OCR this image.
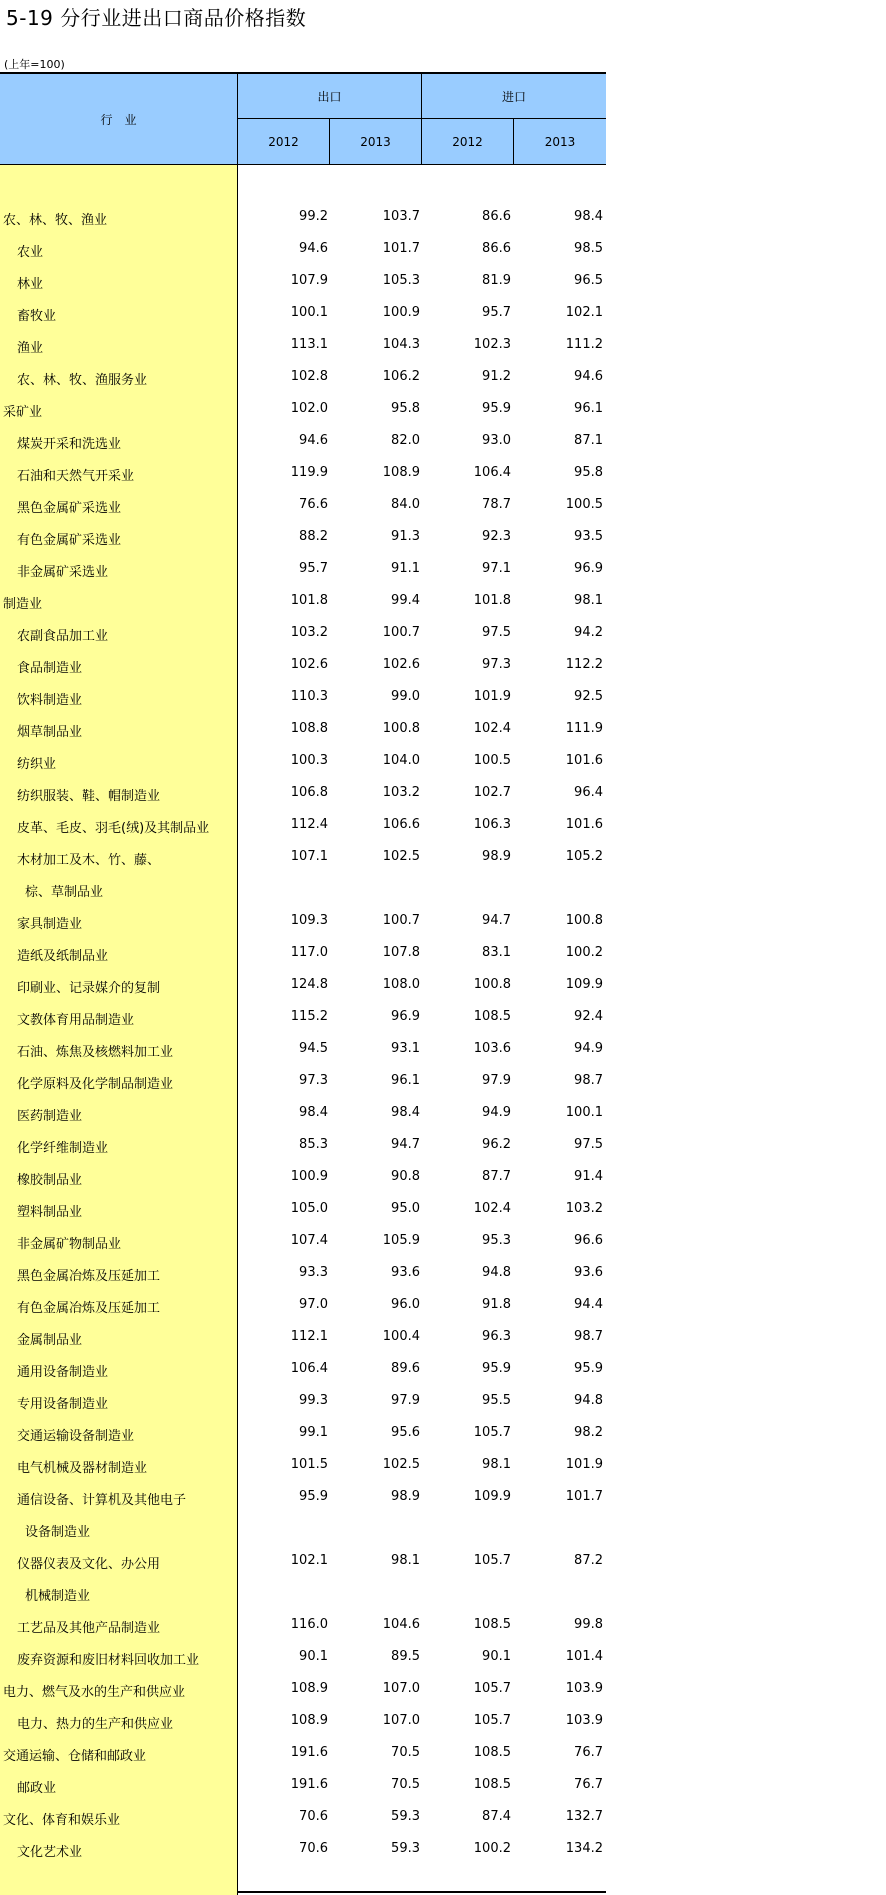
5-19 分行业进出口商品价格指数
(上年=100)
行　业
出口	进口
2012	2013	2012	2013
农、林、牧、渔业	99.2	103.7	86.6	98.4
农业	94.6	101.7	86.6	98.5
林业	107.9	105.3	81.9	96.5
畜牧业	100.1	100.9	95.7	102.1
渔业	113.1	104.3	102.3	111.2
农、林、牧、渔服务业	102.8	106.2	91.2	94.6
采矿业	102.0	95.8	95.9	96.1
煤炭开采和洗选业	94.6	82.0	93.0	87.1
石油和天然气开采业	119.9	108.9	106.4	95.8
黑色金属矿采选业	76.6	84.0	78.7	100.5
有色金属矿采选业	88.2	91.3	92.3	93.5
非金属矿采选业	95.7	91.1	97.1	96.9
制造业	101.8	99.4	101.8	98.1
农副食品加工业	103.2	100.7	97.5	94.2
食品制造业	102.6	102.6	97.3	112.2
饮料制造业	110.3	99.0	101.9	92.5
烟草制品业	108.8	100.8	102.4	111.9
纺织业	100.3	104.0	100.5	101.6
纺织服装、鞋、帽制造业	106.8	103.2	102.7	96.4
皮革、毛皮、羽毛(绒)及其制品业	112.4	106.6	106.3	101.6
木材加工及木、竹、藤、	107.1	102.5	98.9	105.2
棕、草制品业
家具制造业	109.3	100.7	94.7	100.8
造纸及纸制品业	117.0	107.8	83.1	100.2
印刷业、记录媒介的复制	124.8	108.0	100.8	109.9
文教体育用品制造业	115.2	96.9	108.5	92.4
石油、炼焦及核燃料加工业	94.5	93.1	103.6	94.9
化学原料及化学制品制造业	97.3	96.1	97.9	98.7
医药制造业	98.4	98.4	94.9	100.1
化学纤维制造业	85.3	94.7	96.2	97.5
橡胶制品业	100.9	90.8	87.7	91.4
塑料制品业	105.0	95.0	102.4	103.2
非金属矿物制品业	107.4	105.9	95.3	96.6
黑色金属冶炼及压延加工	93.3	93.6	94.8	93.6
有色金属冶炼及压延加工	97.0	96.0	91.8	94.4
金属制品业	112.1	100.4	96.3	98.7
通用设备制造业	106.4	89.6	95.9	95.9
专用设备制造业	99.3	97.9	95.5	94.8
交通运输设备制造业	99.1	95.6	105.7	98.2
电气机械及器材制造业	101.5	102.5	98.1	101.9
通信设备、计算机及其他电子	95.9	98.9	109.9	101.7
设备制造业
仪器仪表及文化、办公用	102.1	98.1	105.7	87.2
机械制造业
工艺品及其他产品制造业	116.0	104.6	108.5	99.8
废弃资源和废旧材料回收加工业	90.1	89.5	90.1	101.4
电力、燃气及水的生产和供应业	108.9	107.0	105.7	103.9
电力、热力的生产和供应业	108.9	107.0	105.7	103.9
交通运输、仓储和邮政业	191.6	70.5	108.5	76.7
邮政业	191.6	70.5	108.5	76.7
文化、体育和娱乐业	70.6	59.3	87.4	132.7
文化艺术业	70.6	59.3	100.2	134.2
